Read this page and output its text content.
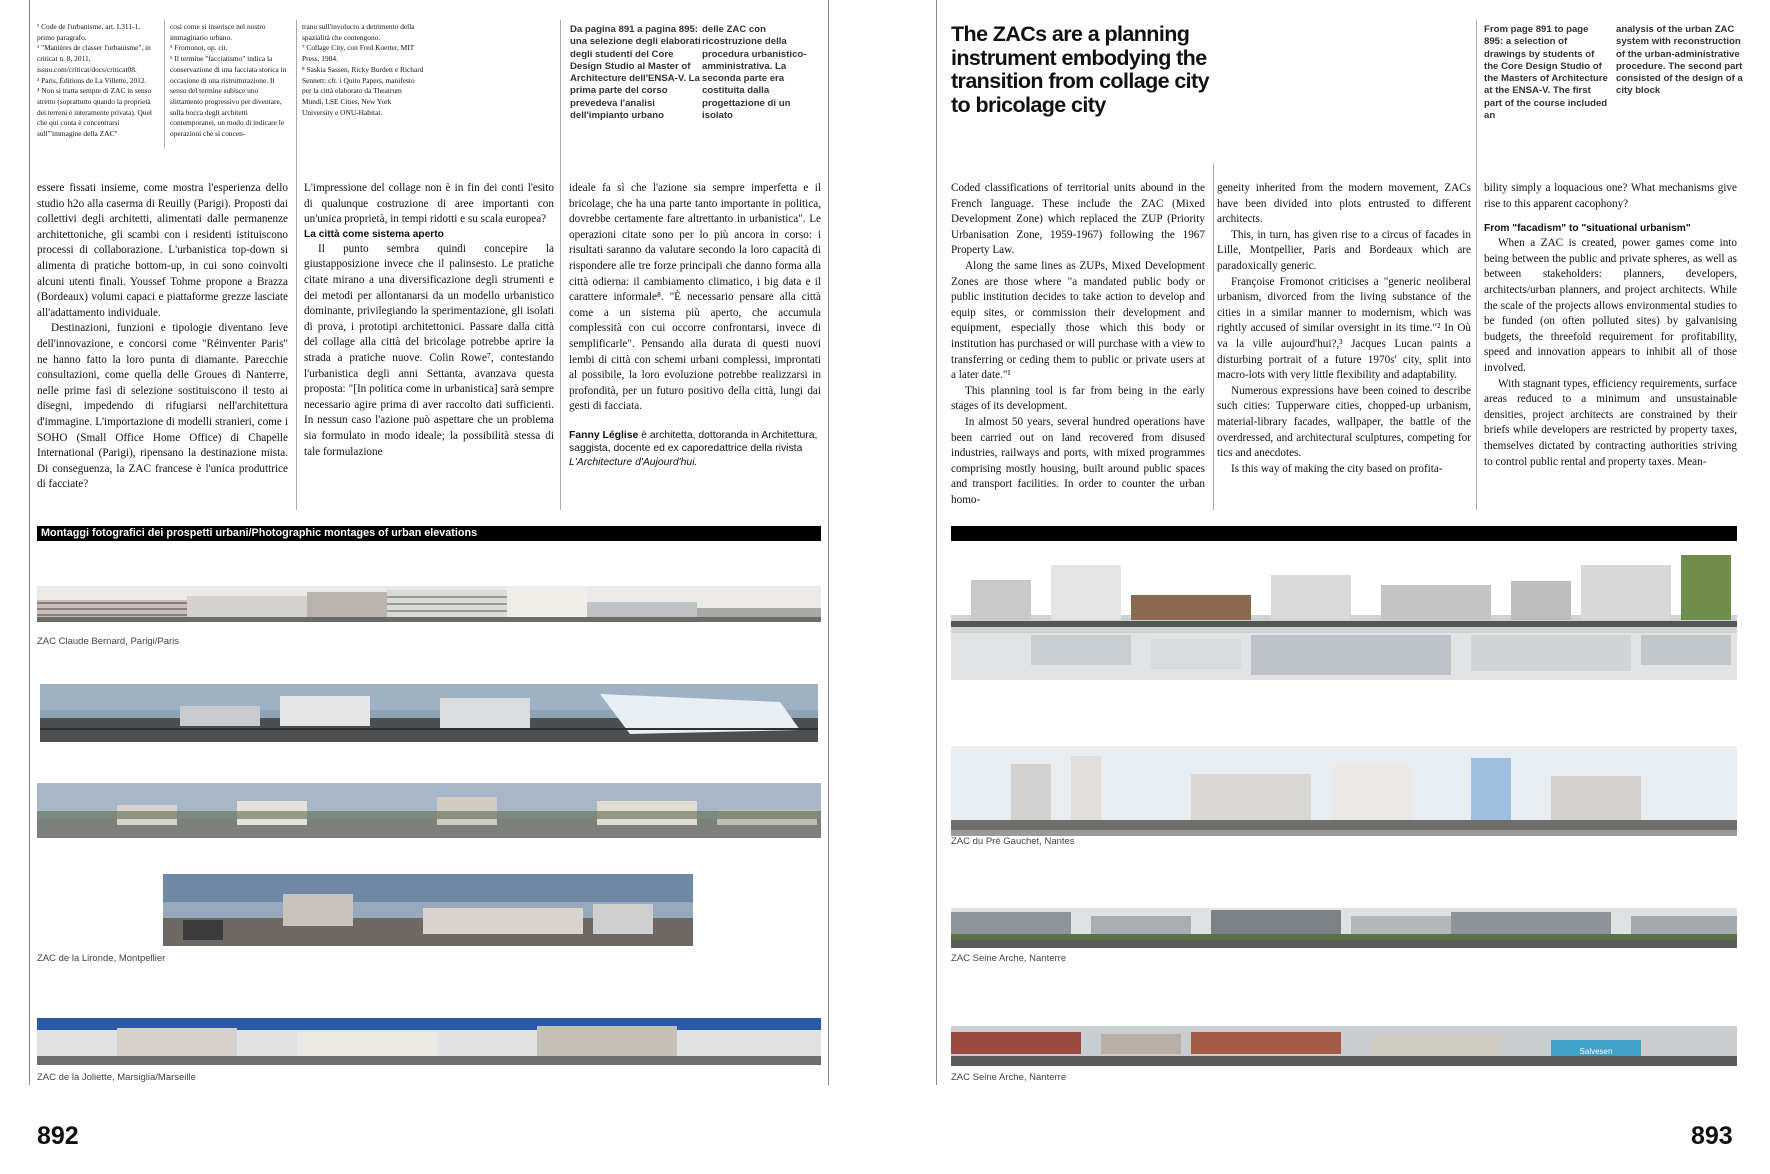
¹ Code de l'urbanisme, art. L311-1, primo paragrafo.

² "Manières de classer l'urbanisme", in criticat n. 8, 2011, issuu.com/criticat/docs/criticat08.

³ Paris, Éditions de La Villette, 2012.

⁴ Non si tratta sempre di ZAC in senso stretto (soprattutto quando la proprietà dei terreni è interamente privata). Quel che qui conta è concentrarsi sull'"immagine della ZAC"

così come si inserisce nel nostro immaginario urbano.

⁵ Fromonot, op. cit.

⁶ Il termine "facciatismo" indica la conservazione di una facciata storica in occasione di una ristrutturazione. Il senso del termine subisce uno slittamento progressivo per diventare, sulla bocca degli architetti contemporanei, un modo di indicare le operazioni che si concen-

trano sull'involucro a detrimento della spazialità che contengono.

⁷ Collage City, con Fred Koetter, MIT Press, 1984.

⁸ Saskia Sassen, Ricky Burdett e Richard Sennett: cfr. i Quito Papers, manifesto per la città elaborato da Theatrum Mundi, LSE Cities, New York University e ONU-Habitat.

Da pagina 891 a pagina 895: una selezione degli elaborati degli studenti del Core Design Studio al Master of Architecture dell'ENSA-V. La prima parte del corso prevedeva l'analisi dell'impianto urbano

delle ZAC con ricostruzione della procedura urbanistico-amministrativa. La seconda parte era costituita dalla progettazione di un isolato

essere fissati insieme, come mostra l'esperienza dello studio h2o alla caserma di Reuilly (Parigi). Proposti dai collettivi degli architetti, alimentati dalle permanenze architettoniche, gli scambi con i residenti istituiscono processi di collaborazione. L'urbanistica top-down si alimenta di pratiche bottom-up, in cui sono coinvolti alcuni utenti finali. Youssef Tohme propone a Brazza (Bordeaux) volumi capaci e piattaforme grezze lasciate all'adattamento individuale.

Destinazioni, funzioni e tipologie diventano leve dell'innovazione, e concorsi come "Réinventer Paris" ne hanno fatto la loro punta di diamante. Parecchie consultazioni, come quella delle Groues di Nanterre, nelle prime fasi di selezione sostituiscono il testo ai disegni, impedendo di rifugiarsi nell'architettura d'immagine. L'importazione di modelli stranieri, come i SOHO (Small Office Home Office) di Chapelle International (Parigi), ripensano la destinazione mista. Di conseguenza, la ZAC francese è l'unica produttrice di facciate?

L'impressione del collage non è in fin dei conti l'esito di qualunque costruzione di aree importanti con un'unica proprietà, in tempi ridotti e su scala europea?

La città come sistema aperto

Il punto sembra quindi concepire la giustapposizione invece che il palinsesto. Le pratiche citate mirano a una diversificazione degli strumenti e dei metodi per allontanarsi da un modello urbanistico dominante, privilegiando la sperimentazione, gli isolati di prova, i prototipi architettonici. Passare dalla città del collage alla città del bricolage potrebbe aprire la strada a pratiche nuove. Colin Rowe⁷, contestando l'urbanistica degli anni Settanta, avanzava questa proposta: "[In politica come in urbanistica] sarà sempre necessario agire prima di aver raccolto dati sufficienti. In nessun caso l'azione può aspettare che un problema sia formulato in modo ideale; la possibilità stessa di tale formulazione

ideale fa sì che l'azione sia sempre imperfetta e il bricolage, che ha una parte tanto importante in politica, dovrebbe certamente fare altrettanto in urbanistica". Le operazioni citate sono per lo più ancora in corso: i risultati saranno da valutare secondo la loro capacità di rispondere alle tre forze principali che danno forma alla città odierna: il cambiamento climatico, i big data e il carattere informale⁸. "È necessario pensare alla città come a un sistema più aperto, che accumula complessità con cui occorre confrontarsi, invece di semplificarle". Pensando alla durata di questi nuovi lembi di città con schemi urbani complessi, improntati al possibile, la loro evoluzione potrebbe realizzarsi in profondità, per un futuro positivo della città, lungi dai gesti di facciata.

Fanny Léglise è architetta, dottoranda in Architettura, saggista, docente ed ex caporedattrice della rivista L'Architecture d'Aujourd'hui.
Montaggi fotografici dei prospetti urbani/Photographic montages of urban elevations
ZAC Claude Bernard, Parigi/Paris
ZAC de la Lironde, Montpellier
ZAC de la Joliette, Marsiglia/Marseille
892
The ZACs are a planning instrument embodying the transition from collage city to bricolage city

From page 891 to page 895: a selection of drawings by students of the Core Design Studio of the Masters of Architecture at the ENSA-V. The first part of the course included an

analysis of the urban ZAC system with reconstruction of the urban-administrative procedure. The second part consisted of the design of a city block

Coded classifications of territorial units abound in the French language. These include the ZAC (Mixed Development Zone) which replaced the ZUP (Priority Urbanisation Zone, 1959-1967) following the 1967 Property Law.

Along the same lines as ZUPs, Mixed Development Zones are those where "a mandated public body or public institution decides to take action to develop and equip sites, or commission their development and equipment, especially those which this body or institution has purchased or will purchase with a view to transferring or ceding them to public or private users at a later date."¹

This planning tool is far from being in the early stages of its development.

In almost 50 years, several hundred operations have been carried out on land recovered from disused industries, railways and ports, with mixed programmes comprising mostly housing, built around public spaces and transport facilities. In order to counter the urban homo-

geneity inherited from the modern movement, ZACs have been divided into plots entrusted to different architects.

This, in turn, has given rise to a circus of facades in Lille, Montpellier, Paris and Bordeaux which are paradoxically generic.

Françoise Fromonot criticises a "generic neoliberal urbanism, divorced from the living substance of the cities in a similar manner to modernism, which was rightly accused of similar oversight in its time."² In Où va la ville aujourd'hui?,³ Jacques Lucan paints a disturbing portrait of a future 1970s' city, split into macro-lots with very little flexibility and adaptability.

Numerous expressions have been coined to describe such cities: Tupperware cities, chopped-up urbanism, material-library facades, wallpaper, the battle of the overdressed, and architectural sculptures, competing for tics and anecdotes.

Is this way of making the city based on profita-

bility simply a loquacious one? What mechanisms give rise to this apparent cacophony?

From "facadism" to "situational urbanism"

When a ZAC is created, power games come into being between the public and private spheres, as well as between stakeholders: planners, developers, architects/urban planners, and project architects. While the scale of the projects allows environmental studies to be funded (on often polluted sites) by galvanising budgets, the threefold requirement for profitability, speed and innovation appears to inhibit all of those involved.

With stagnant types, efficiency requirements, surface areas reduced to a minimum and unsustainable densities, project architects are constrained by their briefs while developers are restricted by property taxes, themselves dictated by contracting authorities striving to control public rental and property taxes. Mean-

ZAC du Pré Gauchet, Nantes
ZAC Seine Arche, Nanterre
Salvesen
ZAC Seine Arche, Nanterre
893
